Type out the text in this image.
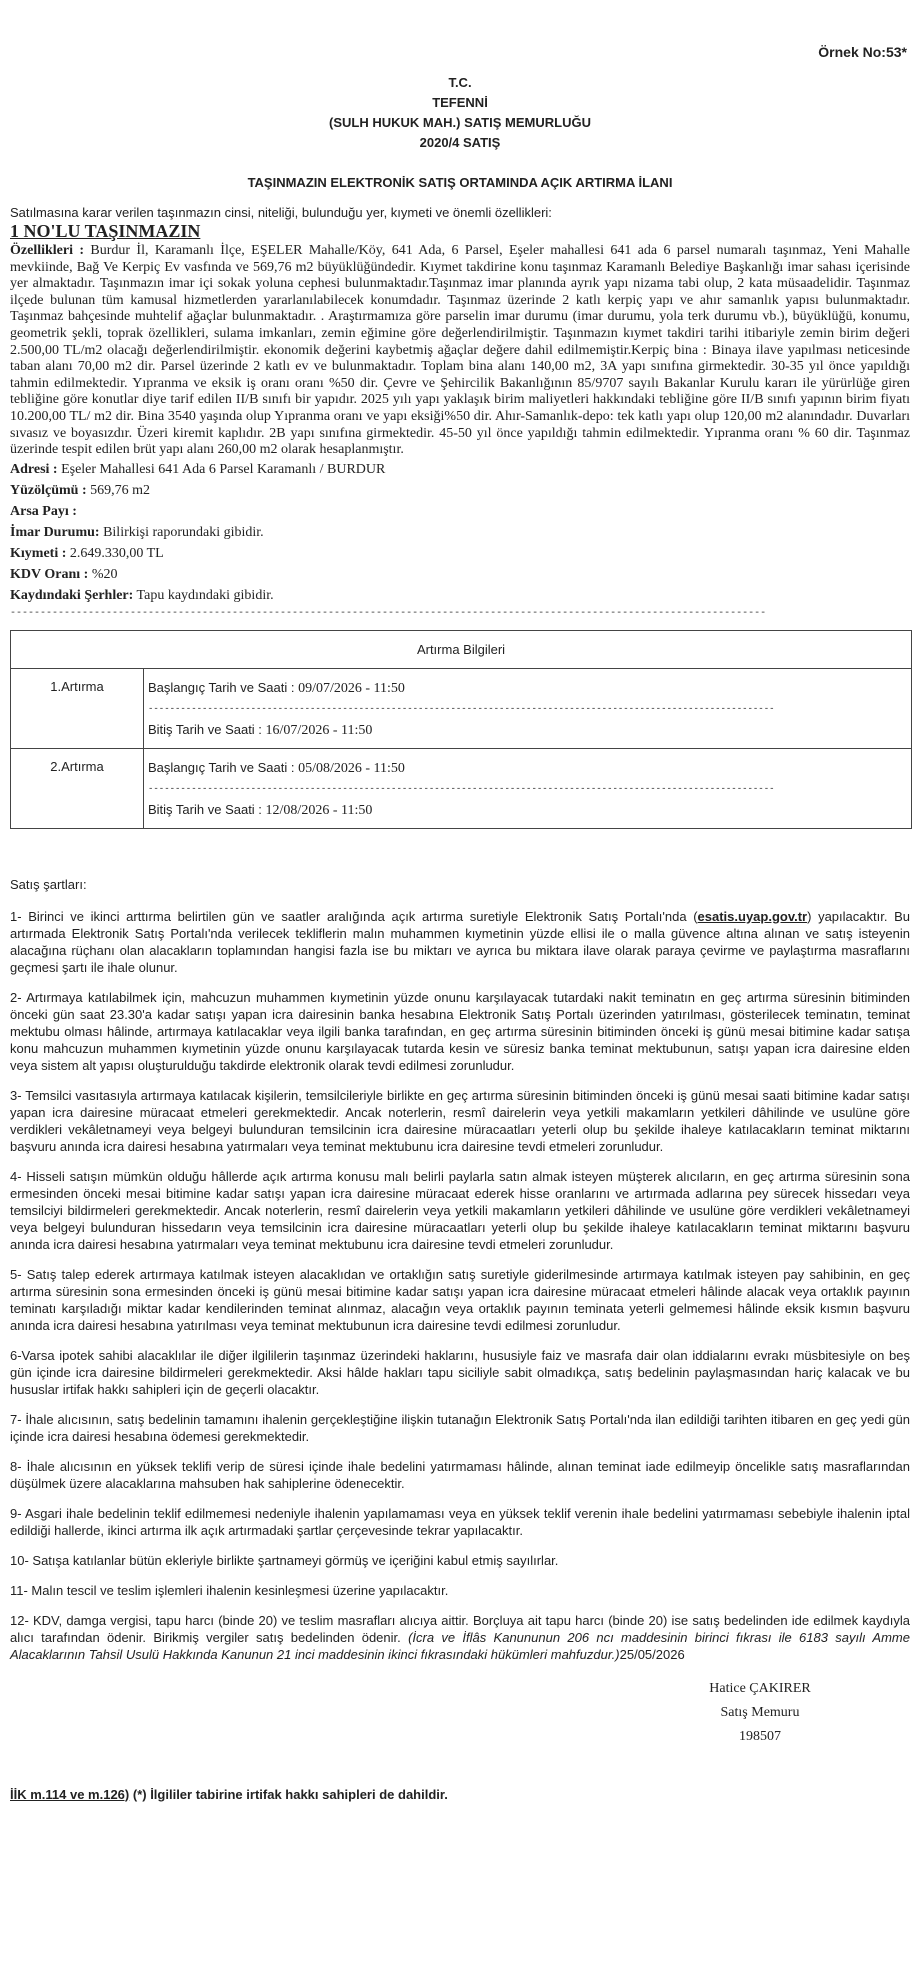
Örnek No:53*
T.C.
TEFENNİ
(SULH HUKUK MAH.) SATIŞ MEMURLUĞU
2020/4 SATIŞ
TAŞINMAZIN ELEKTRONİK SATIŞ ORTAMINDA AÇIK ARTIRMA İLANI
Satılmasına karar verilen taşınmazın cinsi, niteliği, bulunduğu yer, kıymeti ve önemli özellikleri:
1 NO'LU TAŞINMAZIN
Özellikleri : Burdur İl, Karamanlı İlçe, EŞELER Mahalle/Köy, 641 Ada, 6 Parsel, Eşeler mahallesi 641 ada 6 parsel numaralı taşınmaz, Yeni Mahalle mevkiinde, Bağ Ve Kerpiç Ev vasfında ve 569,76 m2 büyüklüğündedir. Kıymet takdirine konu taşınmaz Karamanlı Belediye Başkanlığı imar sahası içerisinde yer almaktadır. Taşınmazın imar içi sokak yoluna cephesi bulunmaktadır.Taşınmaz imar planında ayrık yapı nizama tabi olup, 2 kata müsaadelidir. Taşınmaz ilçede bulunan tüm kamusal hizmetlerden yararlanılabilecek konumdadır. Taşınmaz üzerinde 2 katlı kerpiç yapı ve ahır samanlık yapısı bulunmaktadır. Taşınmaz bahçesinde muhtelif ağaçlar bulunmaktadır. . Araştırmamıza göre parselin imar durumu (imar durumu, yola terk durumu vb.), büyüklüğü, konumu, geometrik şekli, toprak özellikleri, sulama imkanları, zemin eğimine göre değerlendirilmiştir. Taşınmazın kıymet takdiri tarihi itibariyle zemin birim değeri 2.500,00 TL/m2 olacağı değerlendirilmiştir. ekonomik değerini kaybetmiş ağaçlar değere dahil edilmemiştir.Kerpiç bina : Binaya ilave yapılması neticesinde taban alanı 70,00 m2 dir. Parsel üzerinde 2 katlı ev ve bulunmaktadır. Toplam bina alanı 140,00 m2, 3A yapı sınıfına girmektedir. 30-35 yıl önce yapıldığı tahmin edilmektedir. Yıpranma ve eksik iş oranı oranı %50 dir. Çevre ve Şehircilik Bakanlığının 85/9707 sayılı Bakanlar Kurulu kararı ile yürürlüğe giren tebliğine göre konutlar diye tarif edilen II/B sınıfı bir yapıdır. 2025 yılı yapı yaklaşık birim maliyetleri hakkındaki tebliğine göre II/B sınıfı yapının birim fiyatı 10.200,00 TL/ m2 dir. Bina 3540 yaşında olup Yıpranma oranı ve yapı eksiği%50 dir. Ahır-Samanlık-depo: tek katlı yapı olup 120,00 m2 alanındadır. Duvarları sıvasız ve boyasızdır. Üzeri kiremit kaplıdır. 2B yapı sınıfına girmektedir. 45-50 yıl önce yapıldığı tahmin edilmektedir. Yıpranma oranı % 60 dir. Taşınmaz üzerinde tespit edilen brüt yapı alanı 260,00 m2 olarak hesaplanmıştır.
Adresi : Eşeler Mahallesi 641 Ada 6 Parsel Karamanlı / BURDUR
Yüzölçümü : 569,76 m2
Arsa Payı :
İmar Durumu: Bilirkişi raporundaki gibidir.
Kıymeti : 2.649.330,00 TL
KDV Oranı : %20
Kaydındaki Şerhler: Tapu kaydındaki gibidir.
------------------------------------------------------------------------------------------------------------------------------
Artırma Bilgileri	
1.Artırma	Başlangıç Tarih ve Saati : 09/07/2026 - 11:50
--------------------------------------------------------------------------------------------------------------------
Bitiş Tarih ve Saati : 16/07/2026 - 11:50

2.Artırma	Başlangıç Tarih ve Saati : 05/08/2026 - 11:50
--------------------------------------------------------------------------------------------------------------------
Bitiş Tarih ve Saati : 12/08/2026 - 11:50
Satış şartları:
1- Birinci ve ikinci arttırma belirtilen gün ve saatler aralığında açık artırma suretiyle Elektronik Satış Portalı'nda (esatis.uyap.gov.tr) yapılacaktır. Bu artırmada Elektronik Satış Portalı'nda verilecek tekliflerin malın muhammen kıymetinin yüzde ellisi ile o malla güvence altına alınan ve satış isteyenin alacağına rüçhanı olan alacakların toplamından hangisi fazla ise bu miktarı ve ayrıca bu miktara ilave olarak paraya çevirme ve paylaştırma masraflarını geçmesi şartı ile ihale olunur.
2- Artırmaya katılabilmek için, mahcuzun muhammen kıymetinin yüzde onunu karşılayacak tutardaki nakit teminatın en geç artırma süresinin bitiminden önceki gün saat 23.30'a kadar satışı yapan icra dairesinin banka hesabına Elektronik Satış Portalı üzerinden yatırılması, gösterilecek teminatın, teminat mektubu olması hâlinde, artırmaya katılacaklar veya ilgili banka tarafından, en geç artırma süresinin bitiminden önceki iş günü mesai bitimine kadar satışa konu mahcuzun muhammen kıymetinin yüzde onunu karşılayacak tutarda kesin ve süresiz banka teminat mektubunun, satışı yapan icra dairesine elden veya sistem alt yapısı oluşturulduğu takdirde elektronik olarak tevdi edilmesi zorunludur.
3- Temsilci vasıtasıyla artırmaya katılacak kişilerin, temsilcileriyle birlikte en geç artırma süresinin bitiminden önceki iş günü mesai saati bitimine kadar satışı yapan icra dairesine müracaat etmeleri gerekmektedir. Ancak noterlerin, resmî dairelerin veya yetkili makamların yetkileri dâhilinde ve usulüne göre verdikleri vekâletnameyi veya belgeyi bulunduran temsilcinin icra dairesine müracaatları yeterli olup bu şekilde ihaleye katılacakların teminat miktarını başvuru anında icra dairesi hesabına yatırmaları veya teminat mektubunu icra dairesine tevdi etmeleri zorunludur.
4- Hisseli satışın mümkün olduğu hâllerde açık artırma konusu malı belirli paylarla satın almak isteyen müşterek alıcıların, en geç artırma süresinin sona ermesinden önceki mesai bitimine kadar satışı yapan icra dairesine müracaat ederek hisse oranlarını ve artırmada adlarına pey sürecek hissedarı veya temsilciyi bildirmeleri gerekmektedir. Ancak noterlerin, resmî dairelerin veya yetkili makamların yetkileri dâhilinde ve usulüne göre verdikleri vekâletnameyi veya belgeyi bulunduran hissedarın veya temsilcinin icra dairesine müracaatları yeterli olup bu şekilde ihaleye katılacakların teminat miktarını başvuru anında icra dairesi hesabına yatırmaları veya teminat mektubunu icra dairesine tevdi etmeleri zorunludur.
5- Satış talep ederek artırmaya katılmak isteyen alacaklıdan ve ortaklığın satış suretiyle giderilmesinde artırmaya katılmak isteyen pay sahibinin, en geç artırma süresinin sona ermesinden önceki iş günü mesai bitimine kadar satışı yapan icra dairesine müracaat etmeleri hâlinde alacak veya ortaklık payının teminatı karşıladığı miktar kadar kendilerinden teminat alınmaz, alacağın veya ortaklık payının teminata yeterli gelmemesi hâlinde eksik kısmın başvuru anında icra dairesi hesabına yatırılması veya teminat mektubunun icra dairesine tevdi edilmesi zorunludur.
6-Varsa ipotek sahibi alacaklılar ile diğer ilgililerin taşınmaz üzerindeki haklarını, hususiyle faiz ve masrafa dair olan iddialarını evrakı müsbitesiyle on beş gün içinde icra dairesine bildirmeleri gerekmektedir. Aksi hâlde hakları tapu siciliyle sabit olmadıkça, satış bedelinin paylaşmasından hariç kalacak ve bu hususlar irtifak hakkı sahipleri için de geçerli olacaktır.
7- İhale alıcısının, satış bedelinin tamamını ihalenin gerçekleştiğine ilişkin tutanağın Elektronik Satış Portalı'nda ilan edildiği tarihten itibaren en geç yedi gün içinde icra dairesi hesabına ödemesi gerekmektedir.
8- İhale alıcısının en yüksek teklifi verip de süresi içinde ihale bedelini yatırmaması hâlinde, alınan teminat iade edilmeyip öncelikle satış masraflarından düşülmek üzere alacaklarına mahsuben hak sahiplerine ödenecektir.
9- Asgari ihale bedelinin teklif edilmemesi nedeniyle ihalenin yapılamaması veya en yüksek teklif verenin ihale bedelini yatırmaması sebebiyle ihalenin iptal edildiği hallerde, ikinci artırma ilk açık artırmadaki şartlar çerçevesinde tekrar yapılacaktır.
10- Satışa katılanlar bütün ekleriyle birlikte şartnameyi görmüş ve içeriğini kabul etmiş sayılırlar.
11- Malın tescil ve teslim işlemleri ihalenin kesinleşmesi üzerine yapılacaktır.
12- KDV, damga vergisi, tapu harcı (binde 20) ve teslim masrafları alıcıya aittir. Borçluya ait tapu harcı (binde 20) ise satış bedelinden ide edilmek kaydıyla alıcı tarafından ödenir. Birikmiş vergiler satış bedelinden ödenir. (İcra ve İflâs Kanununun 206 ncı maddesinin birinci fıkrası ile 6183 sayılı Amme Alacaklarının Tahsil Usulü Hakkında Kanunun 21 inci maddesinin ikinci fıkrasındaki hükümleri mahfuzdur.)25/05/2026
Hatice ÇAKIRER
Satış Memuru
198507
İİK m.114 ve m.126) (*) İlgililer tabirine irtifak hakkı sahipleri de dahildir.
